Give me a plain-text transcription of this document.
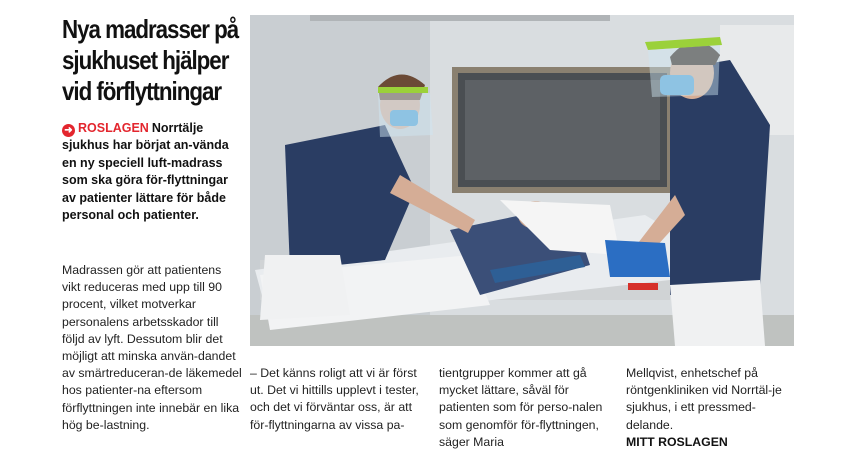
Nya madrasser på sjukhuset hjälper vid förflyttningar
➜ ROSLAGEN Norrtälje sjukhus har börjat an-vända en ny speciell luft-madrass som ska göra för-flyttningar av patienter lättare för både personal och patienter.
Madrassen gör att patientens vikt reduceras med upp till 90 procent, vilket motverkar personalens arbetsskador till följd av lyft. Dessutom blir det möjligt att minska använ-dandet av smärtreduceran-de läkemedel hos patienter-na eftersom förflyttningen inte innebär en lika hög be-lastning.
– Det känns roligt att vi är först ut. Det vi hittills upplevt i tester, och det vi förväntar oss, är att för-flyttningarna av vissa pa-
tientgrupper kommer att gå mycket lättare, såväl för patienten som för perso-nalen som genomför för-flyttningen, säger Maria
Mellqvist, enhetschef på röntgenkliniken vid Norrtäl-je sjukhus, i ett pressmed-delande.
MITT ROSLAGEN
